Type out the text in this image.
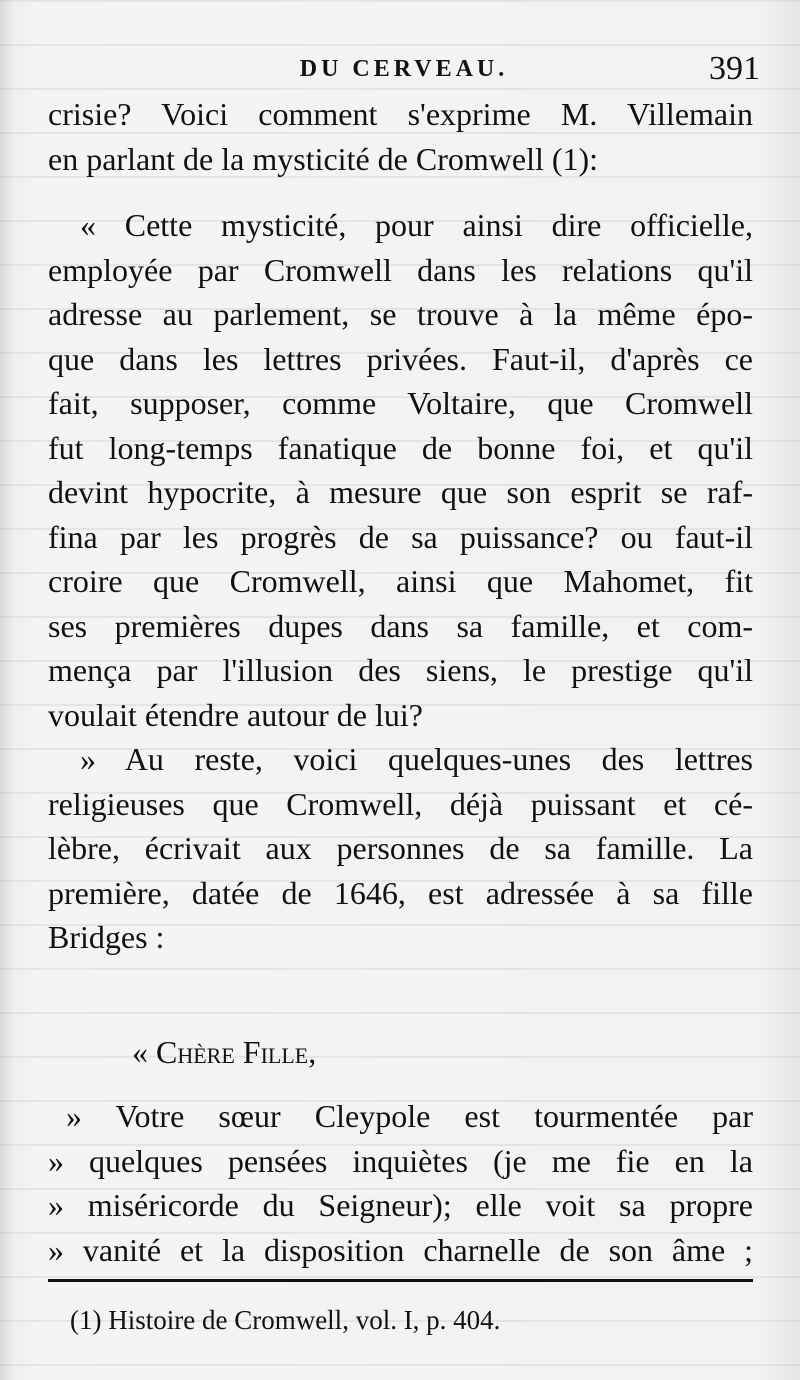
DU CERVEAU.	391
crisie? Voici comment s'exprime M. Villemain
en parlant de la mysticité de Cromwell (1):
« Cette mysticité, pour ainsi dire officielle,
employée par Cromwell dans les relations qu'il
adresse au parlement, se trouve à la même épo-
que dans les lettres privées. Faut-il, d'après ce
fait, supposer, comme Voltaire, que Cromwell
fut long-temps fanatique de bonne foi, et qu'il
devint hypocrite, à mesure que son esprit se raf-
fina par les progrès de sa puissance? ou faut-il
croire que Cromwell, ainsi que Mahomet, fit
ses premières dupes dans sa famille, et com-
mença par l'illusion des siens, le prestige qu'il
voulait étendre autour de lui?
» Au reste, voici quelques-unes des lettres
religieuses que Cromwell, déjà puissant et cé-
lèbre, écrivait aux personnes de sa famille. La
première, datée de 1646, est adressée à sa fille
Bridges :
« Chère Fille,
» Votre sœur Cleypole est tourmentée par
» quelques pensées inquiètes (je me fie en la
» miséricorde du Seigneur); elle voit sa propre
» vanité et la disposition charnelle de son âme ;
(1) Histoire de Cromwell, vol. I, p. 404.
